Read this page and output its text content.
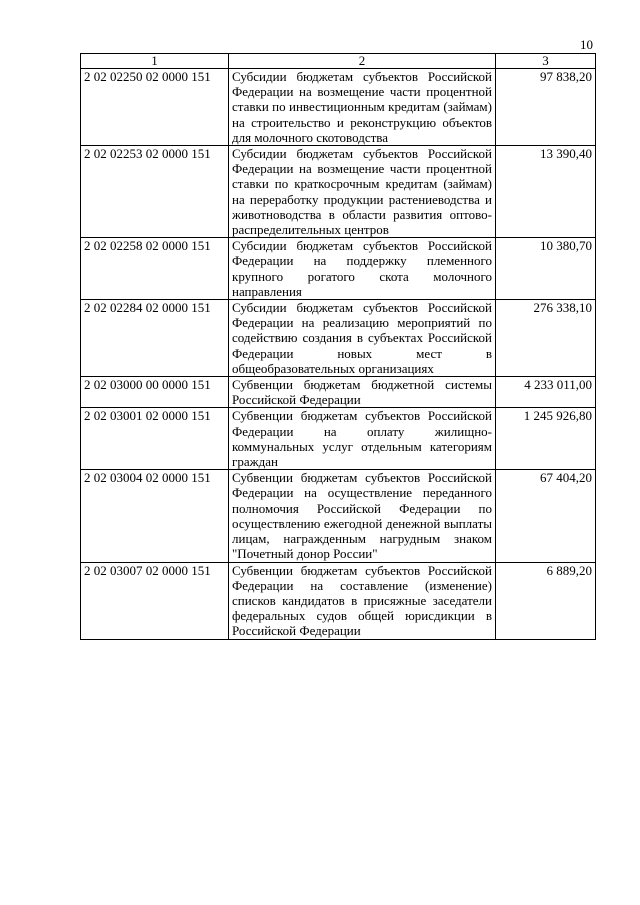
10
1	2	3
2 02 02250 02 0000 151	Субсидии бюджетам субъектов Российской Федерации на возмещение части процентной ставки по инвестиционным кредитам (займам) на строительство и реконструкцию объектов для молочного скотоводства	97 838,20
2 02 02253 02 0000 151	Субсидии бюджетам субъектов Российской Федерации на возмещение части процентной ставки по краткосрочным кредитам (займам) на переработку продукции растениеводства и животноводства в области развития оптово-распределительных центров	13 390,40
2 02 02258 02 0000 151	Субсидии бюджетам субъектов Российской Федерации на поддержку племенного крупного рогатого скота молочного направления	10 380,70
2 02 02284 02 0000 151	Субсидии бюджетам субъектов Российской Федерации на реализацию мероприятий по содействию создания в субъектах Российской Федерации новых мест в общеобразовательных организациях	276 338,10
2 02 03000 00 0000 151	Субвенции бюджетам бюджетной системы Российской Федерации	4 233 011,00
2 02 03001 02 0000 151	Субвенции бюджетам субъектов Российской Федерации на оплату жилищно-коммунальных услуг отдельным категориям граждан	1 245 926,80
2 02 03004 02 0000 151	Субвенции бюджетам субъектов Российской Федерации на осуществление переданного полномочия Российской Федерации по осуществлению ежегодной денежной выплаты лицам, награжденным нагрудным знаком "Почетный донор России"	67 404,20
2 02 03007 02 0000 151	Субвенции бюджетам субъектов Российской Федерации на составление (изменение) списков кандидатов в присяжные заседатели федеральных судов общей юрисдикции в Российской Федерации	6 889,20
